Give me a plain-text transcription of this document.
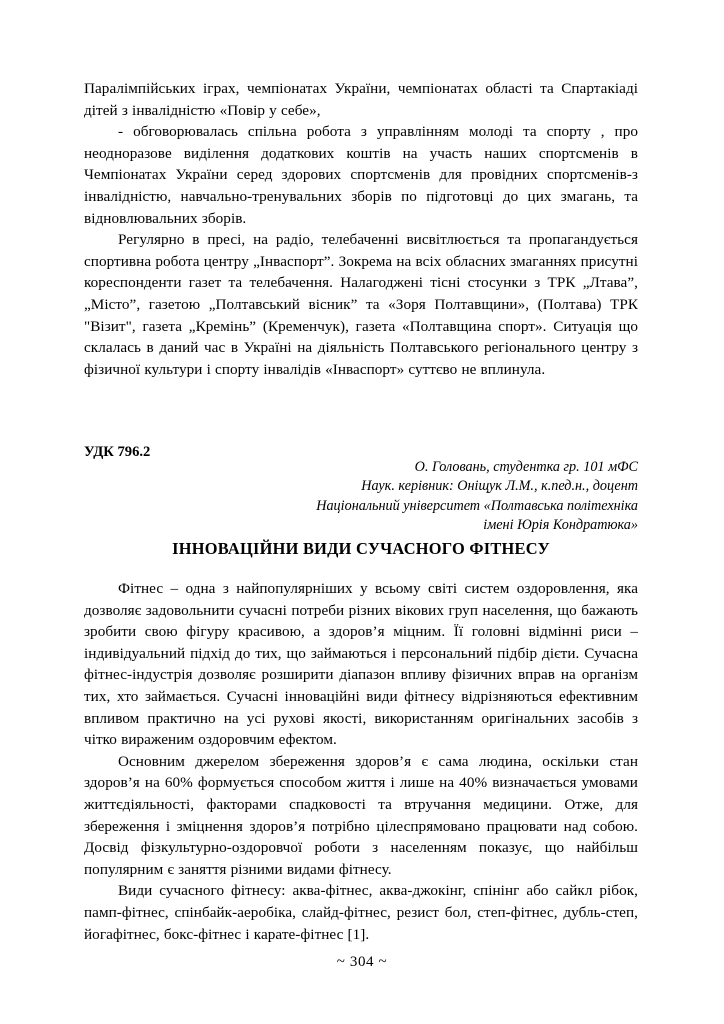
Паралімпійських іграх, чемпіонатах України, чемпіонатах області та Спартакіаді дітей з інвалідністю «Повір у себе»,

- обговорювалась спільна робота з управлінням молоді та спорту , про неодноразове виділення додаткових коштів на участь наших спортсменів в Чемпіонатах України серед здорових спортсменів для провідних спортсменів-з інвалідністю, навчально-тренувальних зборів по підготовці до цих змагань, та відновлювальних зборів.

Регулярно в пресі, на радіо, телебаченні висвітлюється та пропагандується спортивна робота центру „Інваспорт”. Зокрема на всіх обласних змаганнях присутні кореспонденти газет та телебачення. Налагоджені тісні стосунки з ТРК „Лтава”, „Місто”, газетою „Полтавський вісник” та «Зоря Полтавщини», (Полтава) ТРК "Візит", газета „Кремінь” (Кременчук), газета «Полтавщина спорт». Ситуація що склалась в даний час в Україні на діяльність Полтавського регіонального центру з фізичної культури і спорту інвалідів «Інваспорт» суттєво не вплинула.

УДК 796.2

О. Головань, студентка гр. 101 мФС

Наук. керівник: Оніщук Л.М., к.пед.н., доцент

Національний університет «Полтавська політехніка

імені Юрія Кондратюка»

ІННОВАЦІЙНИ ВИДИ СУЧАСНОГО ФІТНЕСУ

Фітнес – одна з найпопулярніших у всьому світі систем оздоровлення, яка дозволяє задовольнити сучасні потреби різних вікових груп населення, що бажають зробити свою фігуру красивою, а здоров’я міцним. Її головні відмінні риси – індивідуальний підхід до тих, що займаються і персональний підбір дієти. Сучасна фітнес-індустрія дозволяє розширити діапазон впливу фізичних вправ на організм тих, хто займається. Сучасні інноваційні види фітнесу відрізняються ефективним впливом практично на усі рухові якості, використанням оригінальних засобів з чітко вираженим оздоровчим ефектом.

Основним джерелом збереження здоров’я є сама людина, оскільки стан здоров’я на 60% формується способом життя і лише на 40% визначається умовами життєдіяльності, факторами спадковості та втручання медицини. Отже, для збереження і зміцнення здоров’я потрібно цілеспрямовано працювати над собою. Досвід фізкультурно-оздоровчої роботи з населенням показує, що найбільш популярним є заняття різними видами фітнесу.

Види сучасного фітнесу: аква-фітнес, аква-джокінг, спінінг або сайкл рібок, памп-фітнес, спінбайк-аеробіка, слайд-фітнес, резист бол, степ-фітнес, дубль-степ, йогафітнес, бокс-фітнес і карате-фітнес [1].

~ 304 ~
